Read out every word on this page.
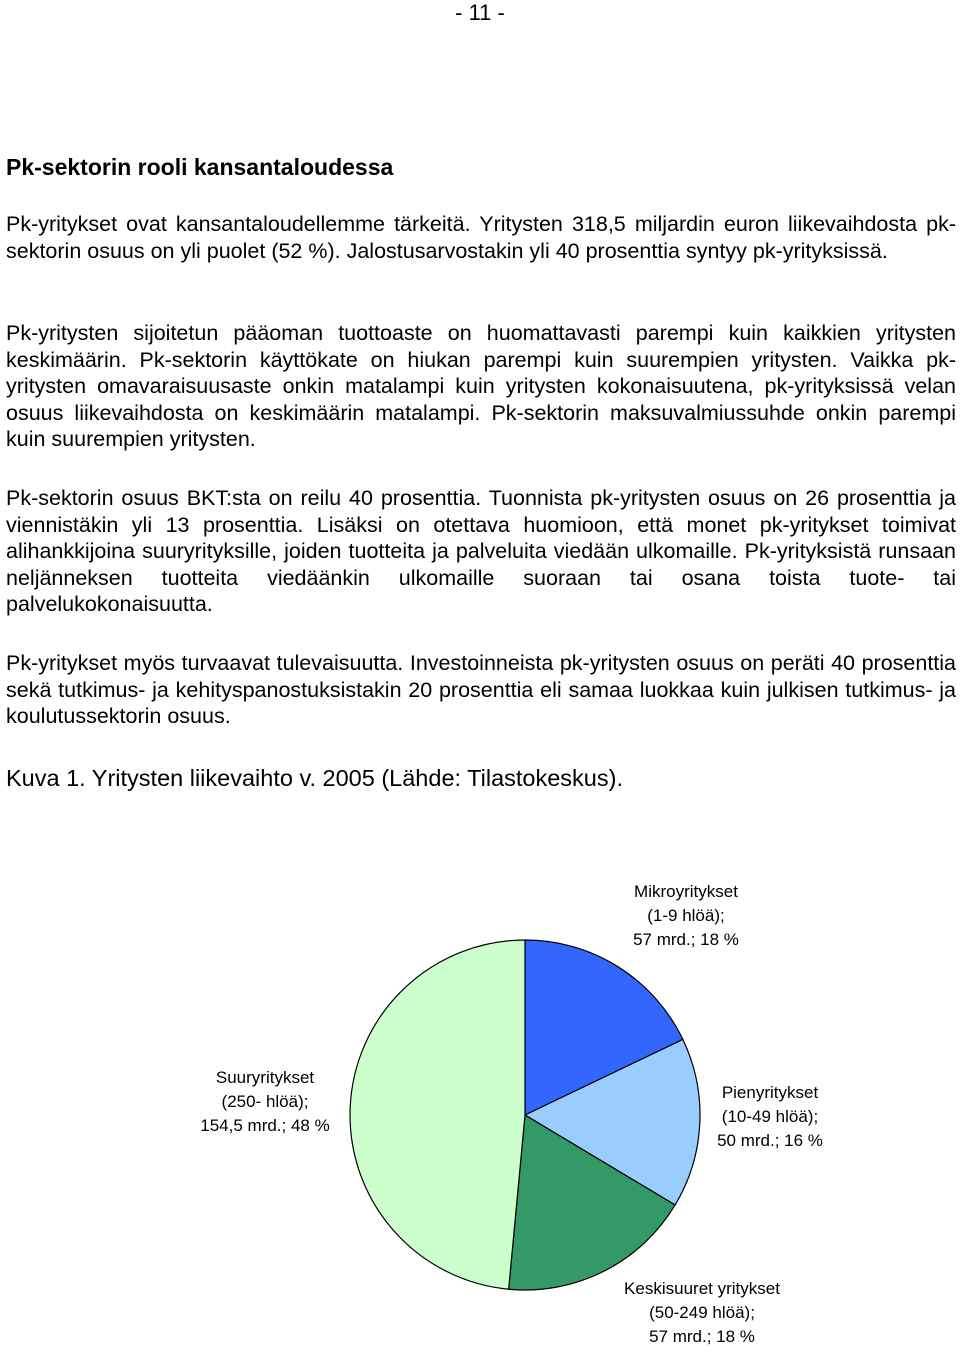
- 11 -
Pk-sektorin rooli kansantaloudessa

Pk-yritykset ovat kansantaloudellemme tärkeitä. Yritysten 318,5 miljardin euron liikevaihdosta pk-sektorin osuus on yli puolet (52 %). Jalostusarvostakin yli 40 prosenttia syntyy pk-yrityksissä.

Pk-yritysten sijoitetun pääoman tuottoaste on huomattavasti parempi kuin kaikkien yritysten keskimäärin. Pk-sektorin käyttökate on hiukan parempi kuin suurempien yritysten. Vaikka pk-yritysten omavaraisuusaste onkin matalampi kuin yritysten kokonaisuutena, pk-yrityksissä velan osuus liikevaihdosta on keskimäärin matalampi. Pk-sektorin maksuvalmiussuhde onkin parempi kuin suurempien yritysten.

Pk-sektorin osuus BKT:sta on reilu 40 prosenttia. Tuonnista pk-yritysten osuus on 26 prosenttia ja viennistäkin yli 13 prosenttia. Lisäksi on otettava huomioon, että monet pk-yritykset toimivat alihankkijoina suuryrityksille, joiden tuotteita ja palveluita viedään ulkomaille. Pk-yrityksistä runsaan neljänneksen tuotteita viedäänkin ulkomaille suoraan tai osana toista tuote- tai palvelukokonaisuutta.

Pk-yritykset myös turvaavat tulevaisuutta. Investoinneista pk-yritysten osuus on peräti 40 prosenttia sekä tutkimus- ja kehityspanostuksistakin 20 prosenttia eli samaa luokkaa kuin julkisen tutkimus- ja koulutussektorin osuus.

Kuva 1. Yritysten liikevaihto v. 2005 (Lähde: Tilastokeskus).

Mikroyritykset (1-9 hlöä); 57 mrd.; 18 %
Pienyritykset (10-49 hlöä); 50 mrd.; 16 %
Keskisuuret yritykset (50-249 hlöä); 57 mrd.; 18 %
Suuryritykset (250- hlöä); 154,5 mrd.; 48 %
